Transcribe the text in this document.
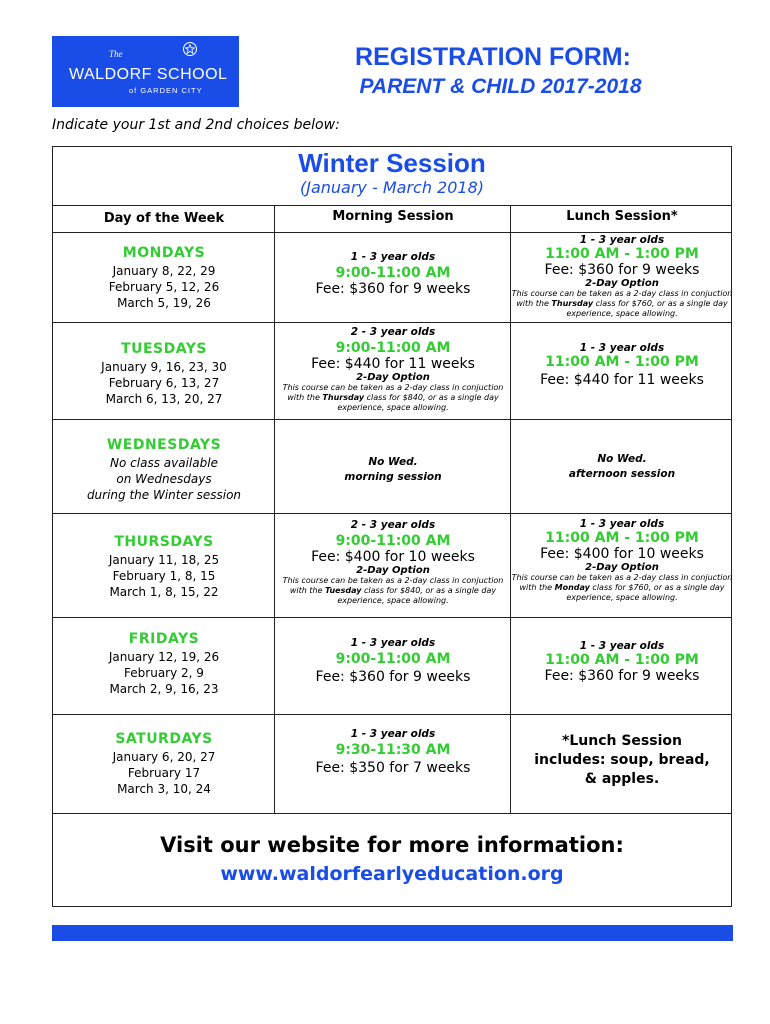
The
WALDORF SCHOOL
of GARDEN CITY
REGISTRATION FORM:
PARENT & CHILD 2017-2018
Indicate your 1st and 2nd choices below:
Winter Session
(January - March 2018)
Day of the Week	Morning Session	Lunch Session*
MONDAYS
January 8, 22, 29
February 5, 12, 26
March 5, 19, 26
1 - 3 year olds
9:00-11:00 AM
Fee: $360 for 9 weeks
1 - 3 year olds
11:00 AM - 1:00 PM
Fee: $360 for 9 weeks
2-Day Option
This course can be taken as a 2-day class in conjuction with the Thursday class for $760, or as a single day experience, space allowing.
TUESDAYS
January 9, 16, 23, 30
February 6, 13, 27
March 6, 13, 20, 27
2 - 3 year olds
9:00-11:00 AM
Fee: $440 for 11 weeks
2-Day Option
This course can be taken as a 2-day class in conjuction with the Thursday class for $840, or as a single day experience, space allowing.
1 - 3 year olds
11:00 AM - 1:00 PM
Fee: $440 for 11 weeks
WEDNESDAYS
No class available
on Wednesdays
during the Winter session
No Wed.
morning session
No Wed.
afternoon session
THURSDAYS
January 11, 18, 25
February 1, 8, 15
March 1, 8, 15, 22
2 - 3 year olds
9:00-11:00 AM
Fee: $400 for 10 weeks
2-Day Option
This course can be taken as a 2-day class in conjuction with the Tuesday class for $840, or as a single day experience, space allowing.
1 - 3 year olds
11:00 AM - 1:00 PM
Fee: $400 for 10 weeks
2-Day Option
This course can be taken as a 2-day class in conjuction with the Monday class for $760, or as a single day experience, space allowing.
FRIDAYS
January 12, 19, 26
February 2, 9
March 2, 9, 16, 23
1 - 3 year olds
9:00-11:00 AM
Fee: $360 for 9 weeks
1 - 3 year olds
11:00 AM - 1:00 PM
Fee: $360 for 9 weeks
SATURDAYS
January 6, 20, 27
February 17
March 3, 10, 24
1 - 3 year olds
9:30-11:30 AM
Fee: $350 for 7 weeks
*Lunch Session
includes: soup, bread,
& apples.
Visit our website for more information:
www.waldorfearlyeducation.org
